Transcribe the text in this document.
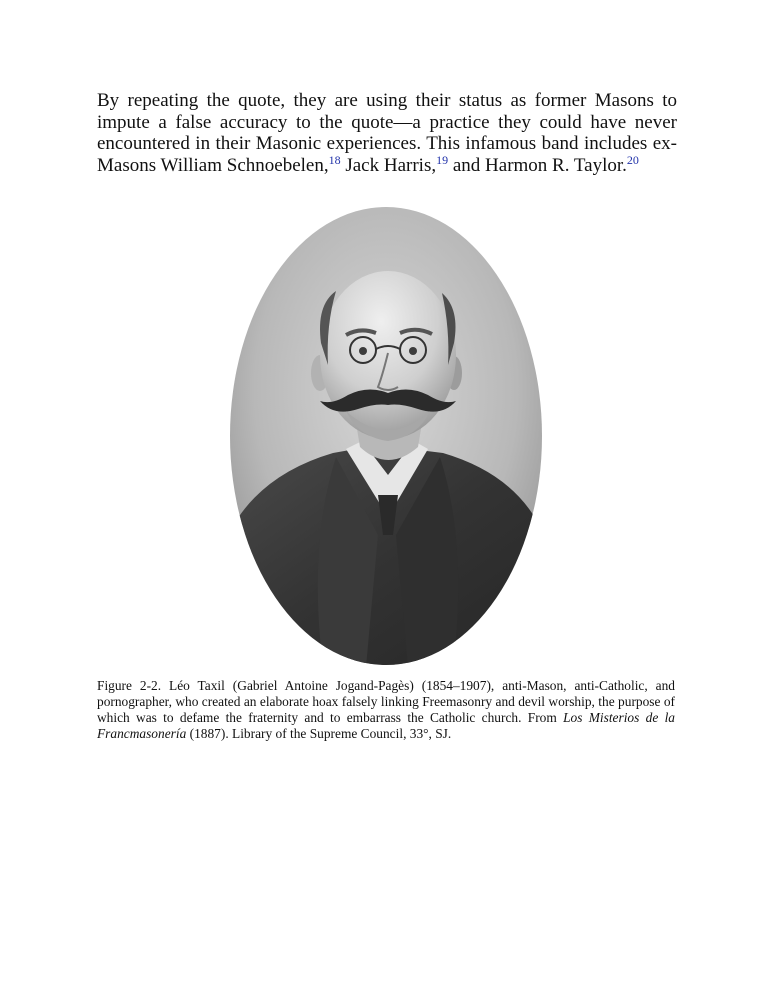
By repeating the quote, they are using their status as former Masons to impute a false accuracy to the quote—a practice they could have never encountered in their Masonic experiences. This infamous band includes ex-Masons William Schnoebelen,$^{18}$ Jack Harris,$^{19}$ and Harmon R. Taylor.$^{20}$

Figure 2-2. Léo Taxil (Gabriel Antoine Jogand-Pagès) (1854–1907), anti-Mason, anti-Catholic, and pornographer, who created an elaborate hoax falsely linking Freemasonry and devil worship, the purpose of which was to defame the fraternity and to embarrass the Catholic church. From Los Misterios de la Francmasonería (1887). Library of the Supreme Council, 33°, SJ.
